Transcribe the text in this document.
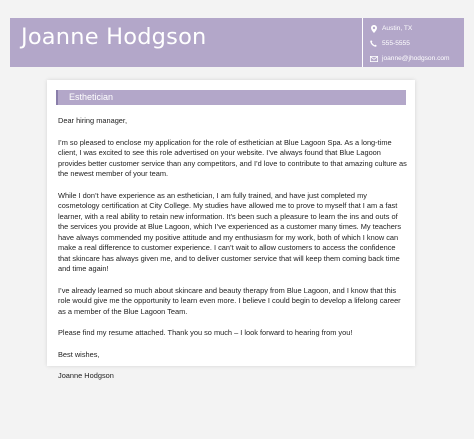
Joanne Hodgson	Austin, TX
555-5555
joanne@jhodgson.com
Esthetician

Dear hiring manager,

I’m so pleased to enclose my application for the role of esthetician at Blue Lagoon Spa. As a long-time client, I was excited to see this role advertised on your website. I’ve always found that Blue Lagoon provides better customer service than any competitors, and I’d love to contribute to that amazing culture as the newest member of your team.

While I don’t have experience as an esthetician, I am fully trained, and have just completed my cosmetology certification at City College. My studies have allowed me to prove to myself that I am a fast learner, with a real ability to retain new information. It’s been such a pleasure to learn the ins and outs of the services you provide at Blue Lagoon, which I’ve experienced as a customer many times. My teachers have always commended my positive attitude and my enthusiasm for my work, both of which I know can make a real difference to customer experience. I can’t wait to allow customers to access the confidence that skincare has always given me, and to deliver customer service that will keep them coming back time and time again!

I’ve already learned so much about skincare and beauty therapy from Blue Lagoon, and I know that this role would give me the opportunity to learn even more. I believe I could begin to develop a lifelong career as a member of the Blue Lagoon Team.

Please find my resume attached. Thank you so much – I look forward to hearing from you!

Best wishes,

Joanne Hodgson
